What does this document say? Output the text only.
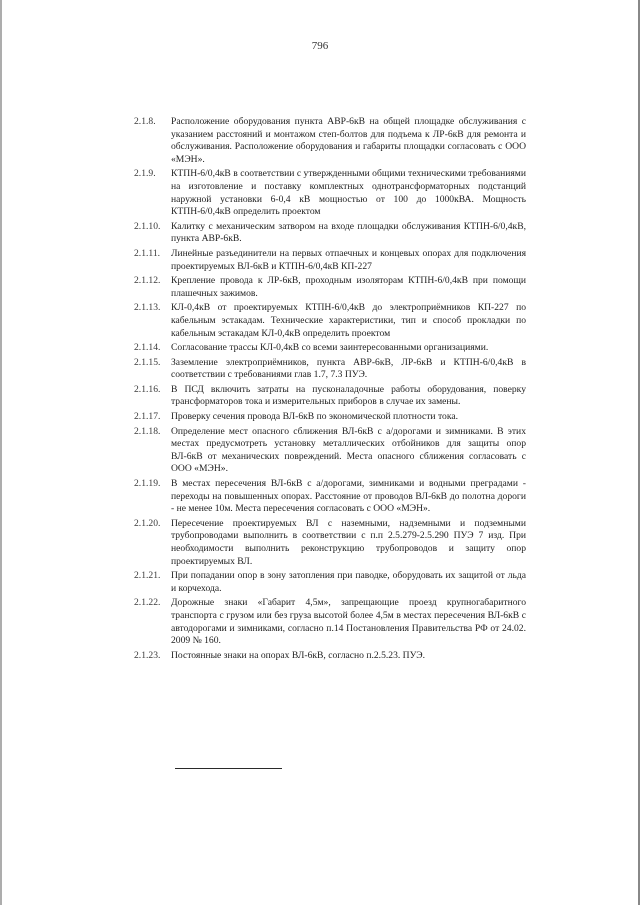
796
2.1.8.	Расположение оборудования пункта АВР-6кВ на общей площадке обслуживания с указанием расстояний и монтажом степ-болтов для подъема к ЛР-6кВ для ремонта и обслуживания. Расположение оборудования и габариты площадки согласовать с ООО «МЭН».
2.1.9.	КТПН-6/0,4кВ в соответствии с утвержденными общими техническими требованиями на изготовление и поставку комплектных однотрансформаторных подстанций наружной установки 6-0,4 кВ мощностью от 100 до 1000кВА. Мощность КТПН-6/0,4кВ определить проектом
2.1.10.	Калитку с механическим затвором на входе площадки обслуживания КТПН-6/0,4кВ, пункта АВР-6кВ.
2.1.11.	Линейные разъединители на первых отпаечных и концевых опорах для подключения проектируемых ВЛ-6кВ и КТПН-6/0,4кВ КП-227
2.1.12.	Крепление провода к ЛР-6кВ, проходным изоляторам КТПН-6/0,4кВ при помощи плашечных зажимов.
2.1.13.	КЛ-0,4кВ от проектируемых КТПН-6/0,4кВ до электроприёмников КП-227 по кабельным эстакадам. Технические характеристики, тип и способ прокладки по кабельным эстакадам КЛ-0,4кВ определить проектом
2.1.14.	Согласование трассы КЛ-0,4кВ со всеми заинтересованными организациями.
2.1.15.	Заземление электроприёмников, пункта АВР-6кВ, ЛР-6кВ и КТПН-6/0,4кВ в соответствии с требованиями глав 1.7, 7.3 ПУЭ.
2.1.16.	В ПСД включить затраты на пусконаладочные работы оборудования, поверку трансформаторов тока и измерительных приборов в случае их замены.
2.1.17.	Проверку сечения провода ВЛ-6кВ по экономической плотности тока.
2.1.18.	Определение мест опасного сближения ВЛ-6кВ с а/дорогами и зимниками. В этих местах предусмотреть установку металлических отбойников для защиты опор ВЛ-6кВ от механических повреждений. Места опасного сближения согласовать с ООО «МЭН».
2.1.19.	В местах пересечения ВЛ-6кВ с а/дорогами, зимниками и водными преградами - переходы на повышенных опорах. Расстояние от проводов ВЛ-6кВ до полотна дороги - не менее 10м. Места пересечения согласовать с ООО «МЭН».
2.1.20.	Пересечение проектируемых ВЛ с наземными, надземными и подземными трубопроводами выполнить в соответствии с п.п 2.5.279-2.5.290 ПУЭ 7 изд. При необходимости выполнить реконструкцию трубопроводов и защиту опор проектируемых ВЛ.
2.1.21.	При попадании опор в зону затопления при паводке, оборудовать их защитой от льда и корчехода.
2.1.22.	Дорожные знаки «Габарит 4,5м», запрещающие проезд крупногабаритного транспорта с грузом или без груза высотой более 4,5м в местах пересечения ВЛ-6кВ с автодорогами и зимниками, согласно п.14 Постановления Правительства РФ от 24.02. 2009 № 160.
2.1.23.	Постоянные знаки на опорах ВЛ-6кВ, согласно п.2.5.23. ПУЭ.
